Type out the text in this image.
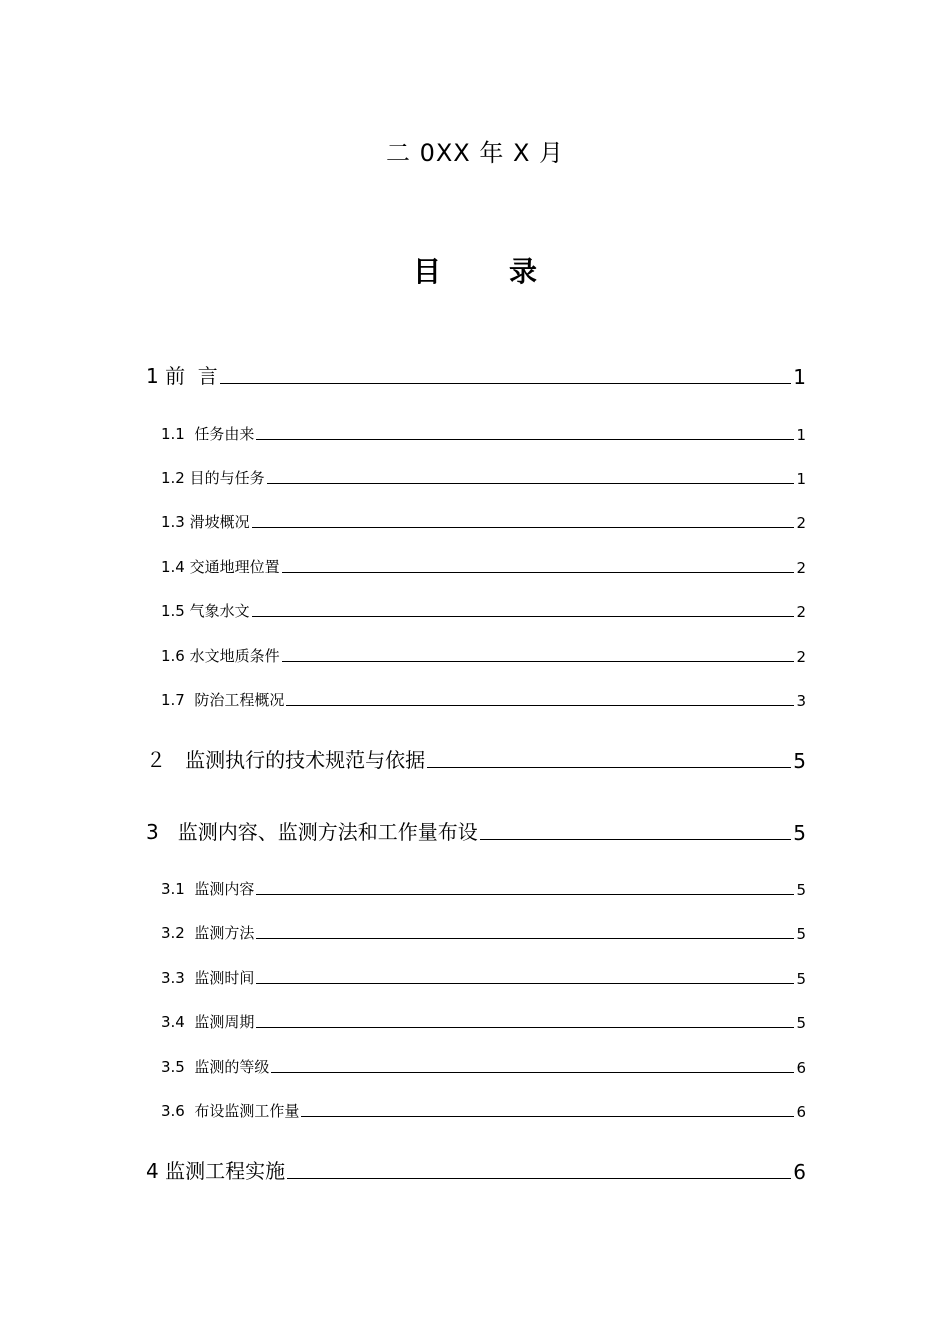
二 0XX 年 X 月
目 录
1 前  言	1
1.1  任务由来	1
1.2 目的与任务	1
1.3 滑坡概况	2
1.4 交通地理位置	2
1.5 气象水文	2
1.6 水文地质条件	2
1.7  防治工程概况	3
２   监测执行的技术规范与依据	5
3   监测内容、监测方法和工作量布设	5
3.1  监测内容	5
3.2  监测方法	5
3.3  监测时间	5
3.4  监测周期	5
3.5  监测的等级	6
3.6  布设监测工作量	6
4 监测工程实施	6
